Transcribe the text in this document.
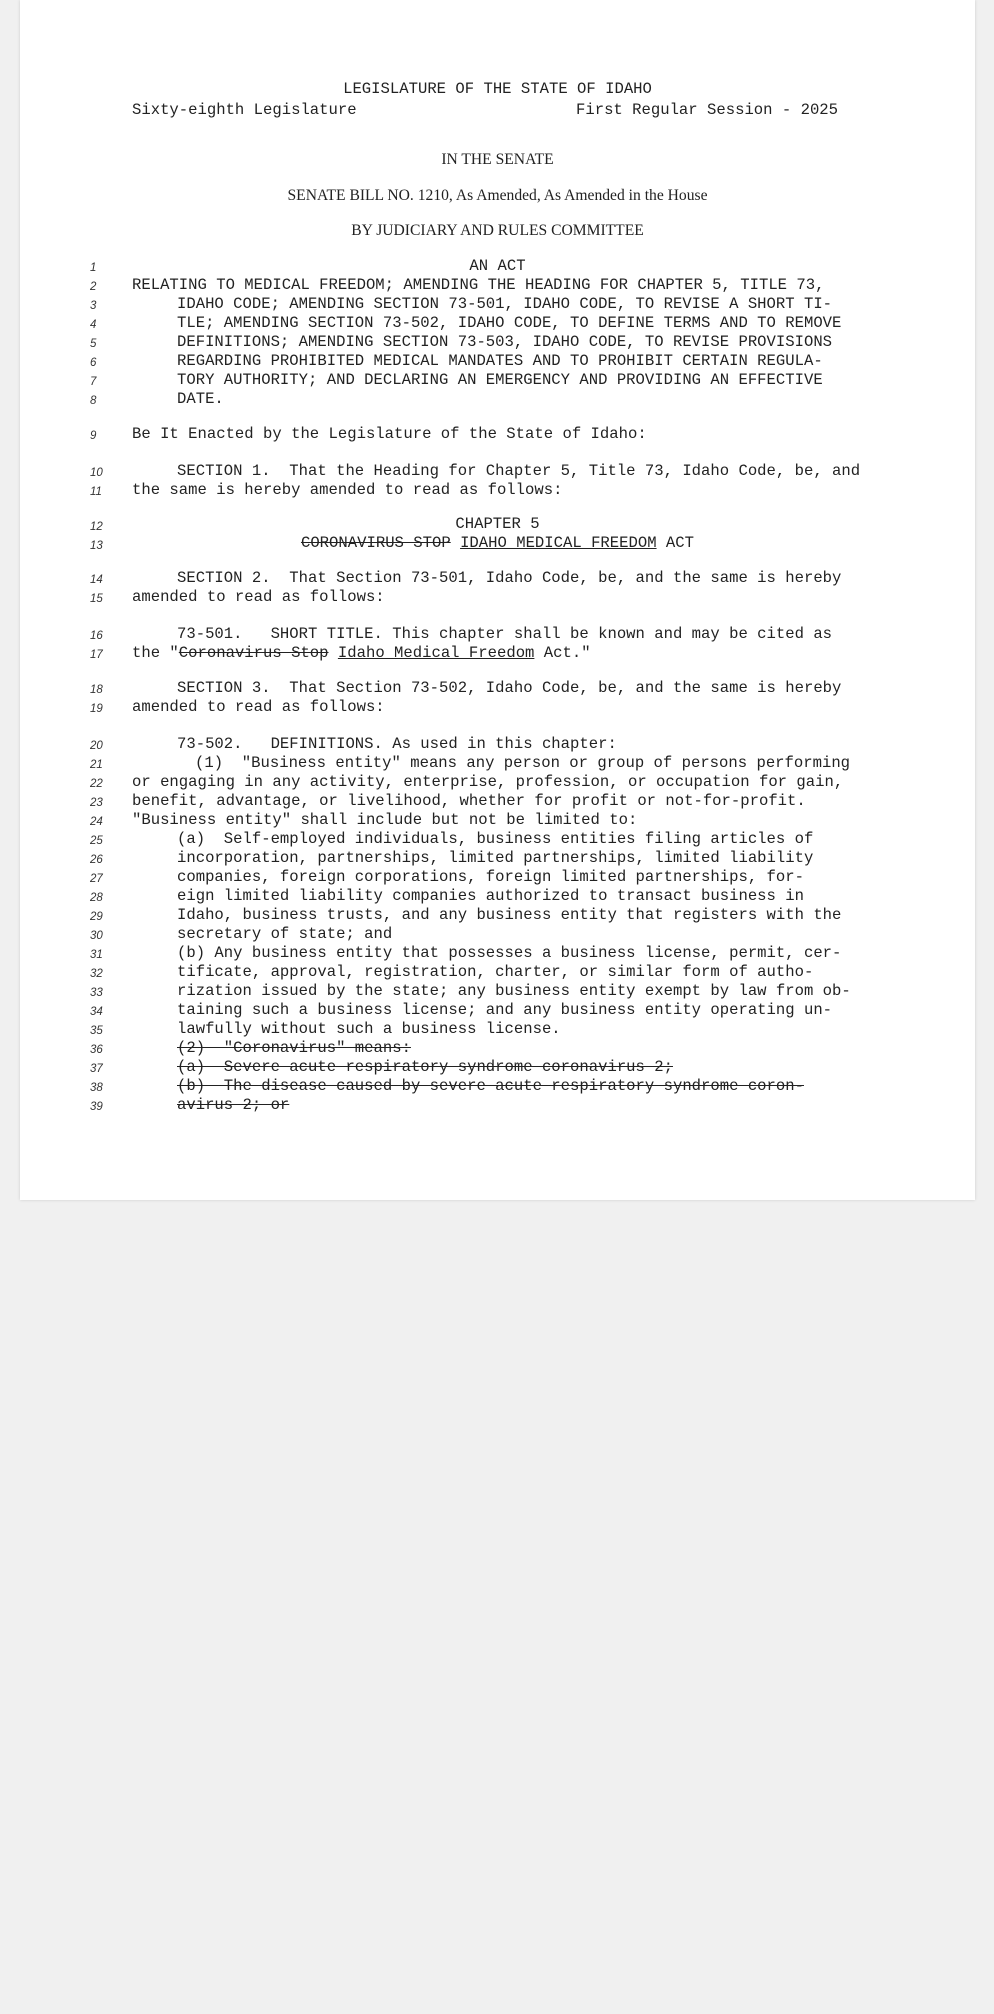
LEGISLATURE OF THE STATE OF IDAHO

Sixty-eighth Legislature

	First Regular Session - 2025

IN THE SENATE

SENATE BILL NO. 1210, As Amended, As Amended in the House

BY JUDICIARY AND RULES COMMITTEE

1

	AN ACT

2

	RELATING TO MEDICAL FREEDOM; AMENDING THE HEADING FOR CHAPTER 5, TITLE 73,

3

	IDAHO CODE; AMENDING SECTION 73-501, IDAHO CODE, TO REVISE A SHORT TI-

4

	TLE; AMENDING SECTION 73-502, IDAHO CODE, TO DEFINE TERMS AND TO REMOVE

5

	DEFINITIONS; AMENDING SECTION 73-503, IDAHO CODE, TO REVISE PROVISIONS

6

	REGARDING PROHIBITED MEDICAL MANDATES AND TO PROHIBIT CERTAIN REGULA-

7

	TORY AUTHORITY; AND DECLARING AN EMERGENCY AND PROVIDING AN EFFECTIVE

8

	DATE.

9

	Be It Enacted by the Legislature of the State of Idaho:

10

	SECTION 1.  That the Heading for Chapter 5, Title 73, Idaho Code, be, and

11

	the same is hereby amended to read as follows:

12

	CHAPTER 5

13

	CORONAVIRUS STOP IDAHO MEDICAL FREEDOM ACT

14

	SECTION 2.  That Section 73-501, Idaho Code, be, and the same is hereby

15

	amended to read as follows:

16

	73-501.   SHORT TITLE. This chapter shall be known and may be cited as

17

	the "Coronavirus Stop Idaho Medical Freedom Act."

18

	SECTION 3.  That Section 73-502, Idaho Code, be, and the same is hereby

19

	amended to read as follows:

20

	73-502.   DEFINITIONS. As used in this chapter:

21

	(1)  "Business entity" means any person or group of persons performing

22

	or engaging in any activity, enterprise, profession, or occupation for gain,

23

	benefit, advantage, or livelihood, whether for profit or not-for-profit.

24

	"Business entity" shall include but not be limited to:

25

	(a)  Self-employed individuals, business entities filing articles of

26

	incorporation, partnerships, limited partnerships, limited liability

27

	companies, foreign corporations, foreign limited partnerships, for-

28

	eign limited liability companies authorized to transact business in

29

	Idaho, business trusts, and any business entity that registers with the

30

	secretary of state; and

31

	(b) Any business entity that possesses a business license, permit, cer-

32

	tificate, approval, registration, charter, or similar form of autho-

33

	rization issued by the state; any business entity exempt by law from ob-

34

	taining such a business license; and any business entity operating un-

35

	lawfully without such a business license.

36

	(2)  "Coronavirus" means:

37

	(a)  Severe acute respiratory syndrome coronavirus 2;

38

	(b)  The disease caused by severe acute respiratory syndrome coron-

39

	avirus 2; or
